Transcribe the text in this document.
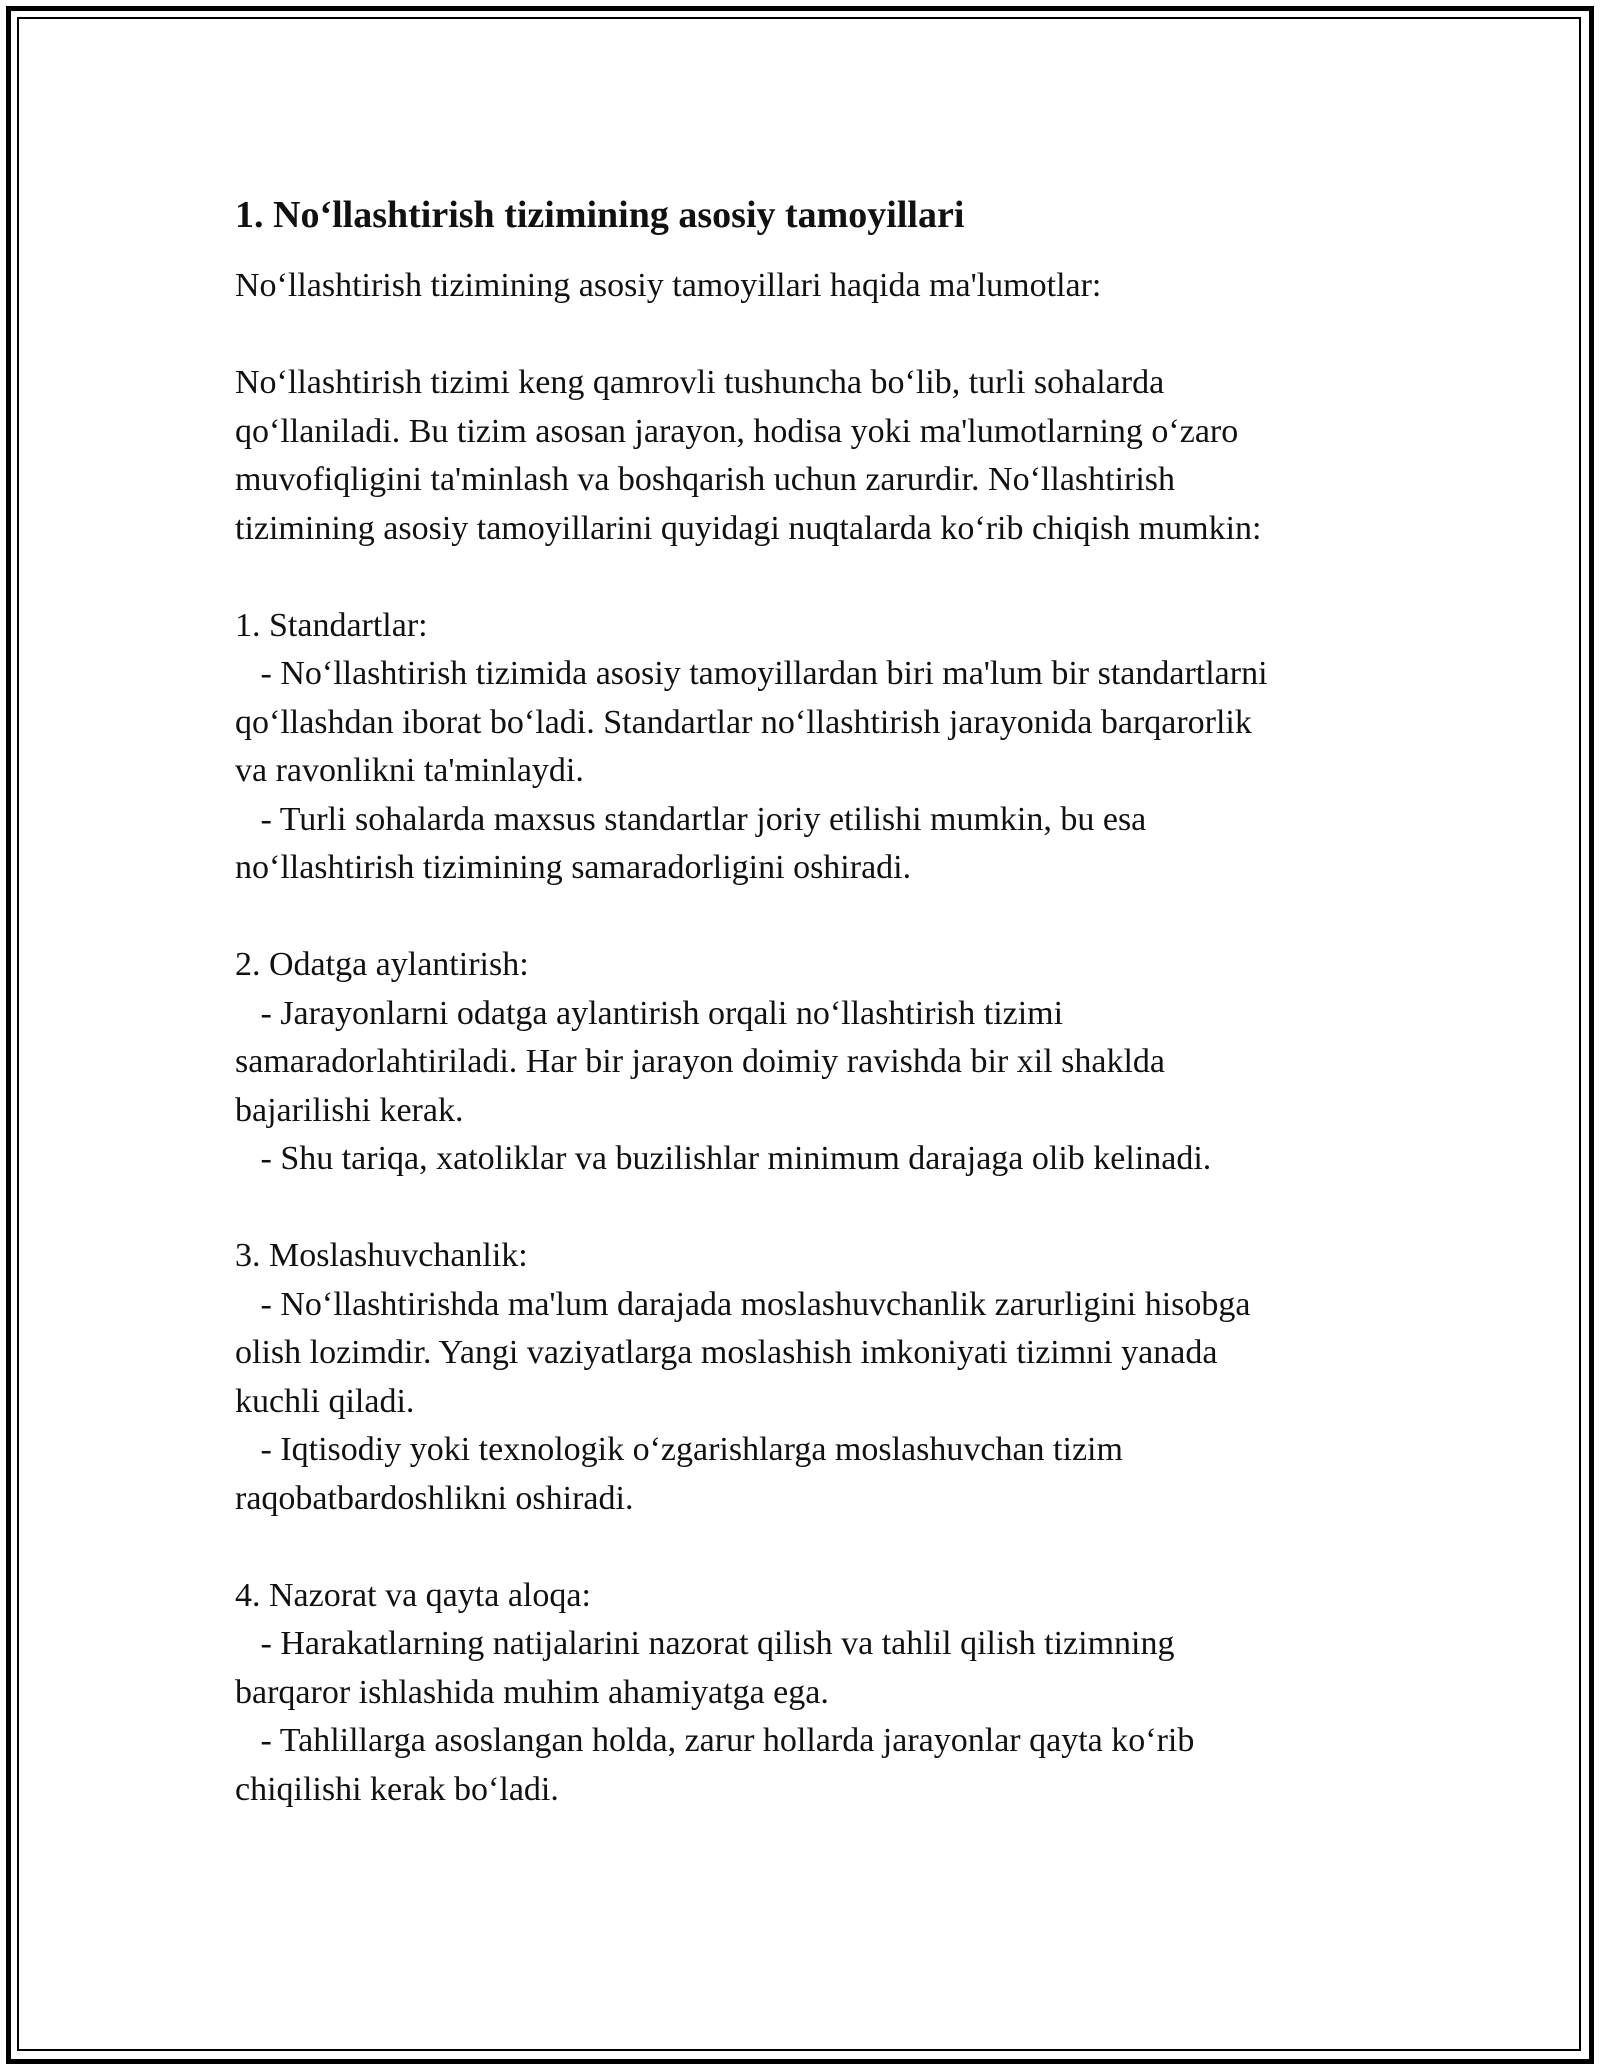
1. No‘llashtirish tizimining asosiy tamoyillari

No‘llashtirish tizimining asosiy tamoyillari haqida ma'lumotlar:

No‘llashtirish tizimi keng qamrovli tushuncha bo‘lib, turli sohalarda
qo‘llaniladi. Bu tizim asosan jarayon, hodisa yoki ma'lumotlarning o‘zaro
muvofiqligini ta'minlash va boshqarish uchun zarurdir. No‘llashtirish
tizimining asosiy tamoyillarini quyidagi nuqtalarda ko‘rib chiqish mumkin:

1. Standartlar:

- No‘llashtirish tizimida asosiy tamoyillardan biri ma'lum bir standartlarni
qo‘llashdan iborat bo‘ladi. Standartlar no‘llashtirish jarayonida barqarorlik
va ravonlikni ta'minlaydi.

- Turli sohalarda maxsus standartlar joriy etilishi mumkin, bu esa
no‘llashtirish tizimining samaradorligini oshiradi.

2. Odatga aylantirish:

- Jarayonlarni odatga aylantirish orqali no‘llashtirish tizimi
samaradorlahtiriladi. Har bir jarayon doimiy ravishda bir xil shaklda
bajarilishi kerak.

- Shu tariqa, xatoliklar va buzilishlar minimum darajaga olib kelinadi.

3. Moslashuvchanlik:

- No‘llashtirishda ma'lum darajada moslashuvchanlik zarurligini hisobga
olish lozimdir. Yangi vaziyatlarga moslashish imkoniyati tizimni yanada
kuchli qiladi.

- Iqtisodiy yoki texnologik o‘zgarishlarga moslashuvchan tizim
raqobatbardoshlikni oshiradi.

4. Nazorat va qayta aloqa:

- Harakatlarning natijalarini nazorat qilish va tahlil qilish tizimning
barqaror ishlashida muhim ahamiyatga ega.

- Tahlillarga asoslangan holda, zarur hollarda jarayonlar qayta ko‘rib
chiqilishi kerak bo‘ladi.
